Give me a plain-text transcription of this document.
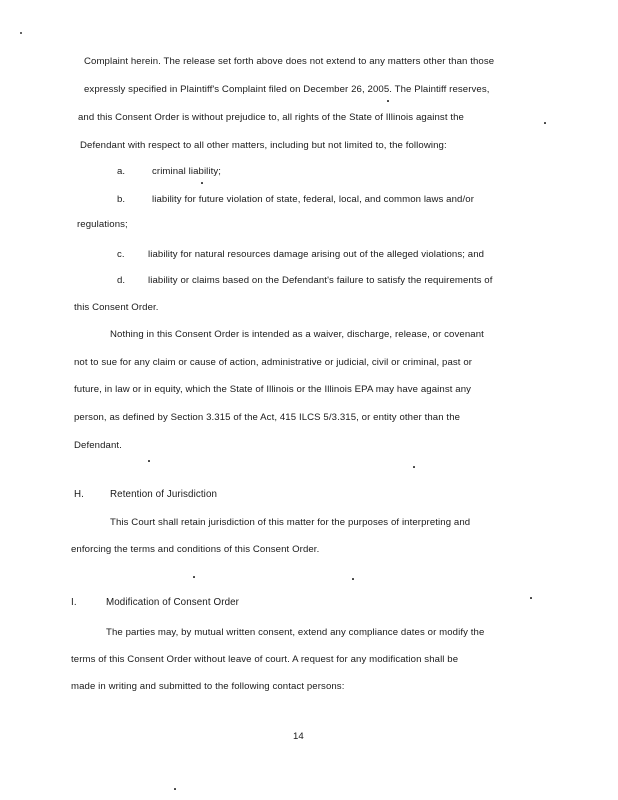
Complaint herein. The release set forth above does not extend to any matters other than those
expressly specified in Plaintiff's Complaint filed on December 26, 2005. The Plaintiff reserves,
and this Consent Order is without prejudice to, all rights of the State of Illinois against the
Defendant with respect to all other matters, including but not limited to, the following:
a.	criminal liability;
b.	liability for future violation of state, federal, local, and common laws and/or
regulations;
c. liability for natural resources damage arising out of the alleged violations; and
d. liability or claims based on the Defendant's failure to satisfy the requirements of
this Consent Order.
Nothing in this Consent Order is intended as a waiver, discharge, release, or covenant
not to sue for any claim or cause of action, administrative or judicial, civil or criminal, past or
future, in law or in equity, which the State of Illinois or the Illinois EPA may have against any
person, as defined by Section 3.315 of the Act, 415 ILCS 5/3.315, or entity other than the
Defendant.
H.	Retention of Jurisdiction
This Court shall retain jurisdiction of this matter for the purposes of interpreting and
enforcing the terms and conditions of this Consent Order.
I.	Modification of Consent Order
The parties may, by mutual written consent, extend any compliance dates or modify the
terms of this Consent Order without leave of court. A request for any modification shall be
made in writing and submitted to the following contact persons:
14
